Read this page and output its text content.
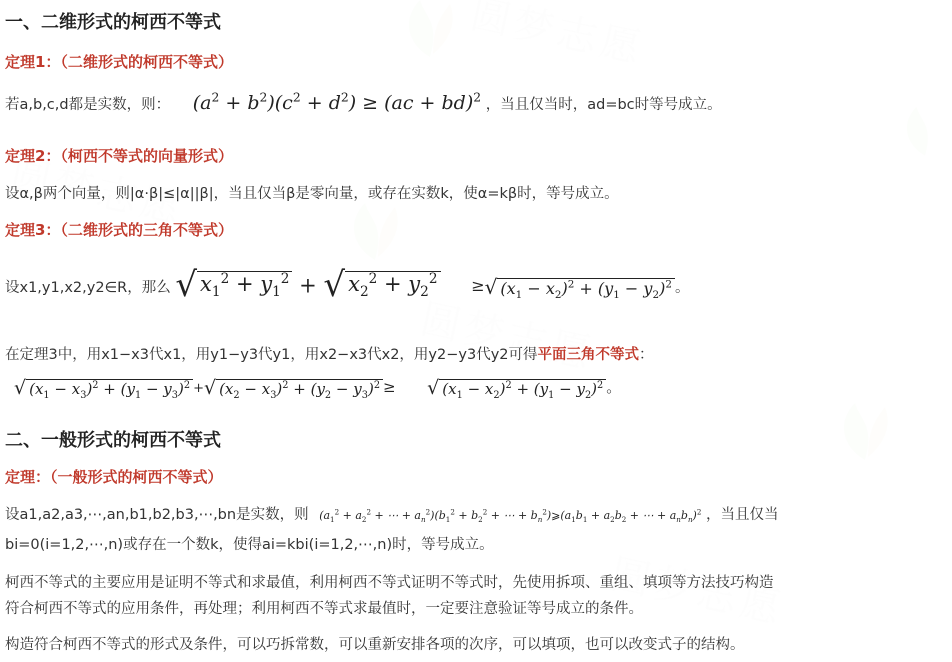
一、二维形式的柯西不等式
定理1：（二维形式的柯西不等式）
若a,b,c,d都是实数，则： $(a^2 + b^2)(c^2 + d^2) \ge (ac + bd)^2$ ，当且仅当时，ad=bc时等号成立。
定理2：（柯西不等式的向量形式）
设α,β两个向量，则|α·β|≤|α||β|，当且仅当β是零向量，或存在实数k，使α=kβ时，等号成立。
定理3：（二维形式的三角不等式）
设x1,y1,x2,y2∈R，那么 √ $x_1^2 + y_1^2$ + √ $x_2^2 + y_2^2$ ≥√ $(x_1 - x_2)^2 + (y_1 - y_2)^2$ 。
在定理3中，用x1−x3代x1，用y1−y3代y1，用x2−x3代x2，用y2−y3代y2可得平面三角不等式：
√ $(x_1 - x_3)^2 + (y_1 - y_3)^2$ +√ $(x_2 - x_3)^2 + (y_2 - y_3)^2$ ≥ √ $(x_1 - x_2)^2 + (y_1 - y_2)^2$ 。
二、一般形式的柯西不等式
定理：（一般形式的柯西不等式）
设a1,a2,a3,⋯,an,b1,b2,b3,⋯,bn是实数，则 ($a_1^2 + a_2^2$ + ⋯ + $a_n^2)(b_1^2 + b_2^2$ + ⋯ + $b_n^2)⩾(a_1b_1 + a_2b_2$ + ⋯ + $a_nb_n)^2$ ，当且仅当
bi=0(i=1,2,⋯,n)或存在一个数k，使得ai=kbi(i=1,2,⋯,n)时，等号成立。
柯西不等式的主要应用是证明不等式和求最值，利用柯西不等式证明不等式时，先使用拆项、重组、填项等方法技巧构造
符合柯西不等式的应用条件，再处理；利用柯西不等式求最值时，一定要注意验证等号成立的条件。
构造符合柯西不等式的形式及条件，可以巧拆常数，可以重新安排各项的次序，可以填项，也可以改变式子的结构。
